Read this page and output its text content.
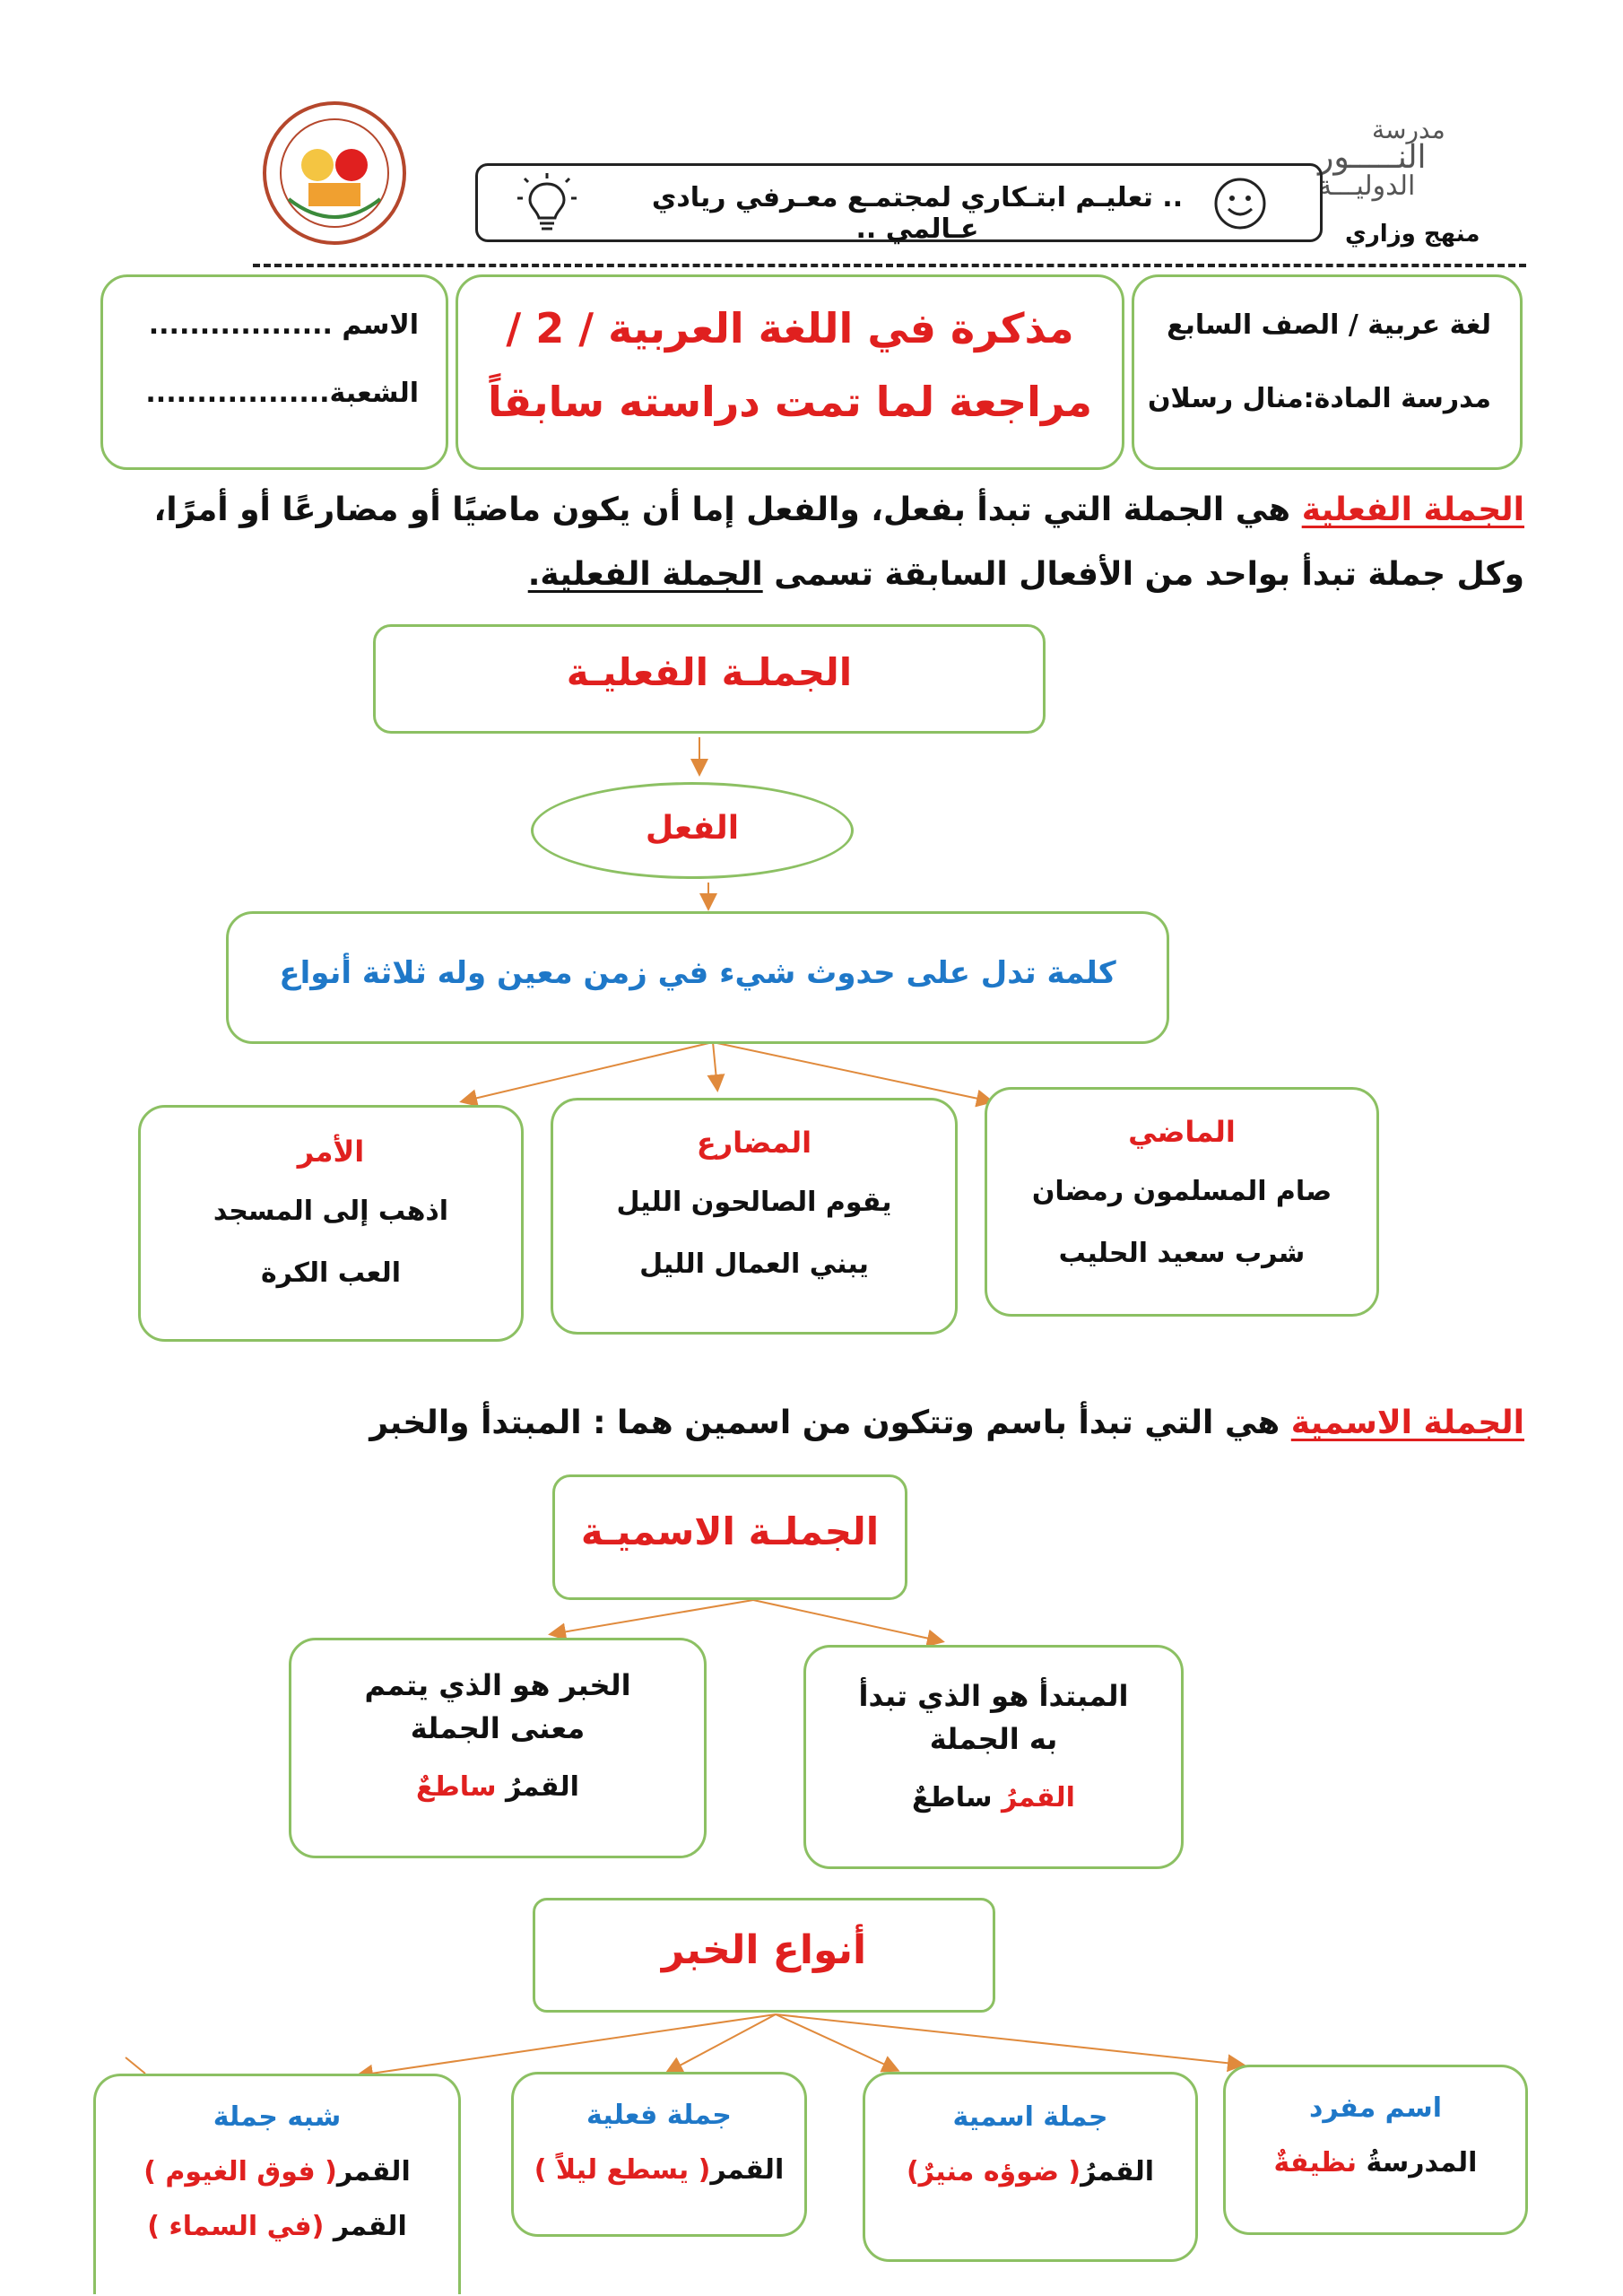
مدرسة
النـــــور
الدوليـــة
منهج وزاري
.. تعليـم ابتـكاري لمجتمـع معـرفي ريادي عـالمي ..
لغة عربية / الصف السابع
مدرسة المادة:منال رسلان
مذكرة في اللغة العربية / 2 /
مراجعة لما تمت دراسته سابقاً
الاسم ..................
الشعبة..................
الجملة الفعلية هي الجملة التي تبدأ بفعل، والفعل إما أن يكون ماضيًا أو مضارعًا أو أمرًا،
وكل جملة تبدأ بواحد من الأفعال السابقة تسمى الجملة الفعلية.
الجملـة الفعليـة
الفعل
كلمة تدل على حدوث شيء في زمن معين وله ثلاثة أنواع
الماضي
صام المسلمون رمضان
شرب سعيد الحليب
المضارع
يقوم الصالحون الليل
يبني العمال الليل
الأمر
اذهب إلى المسجد
العب الكرة
الجملة الاسمية هي التي تبدأ باسم وتتكون من اسمين هما : المبتدأ والخبر
الجملـة الاسميـة
المبتدأ هو الذي تبدأ به الجملة
القمرُ ساطعٌ
الخبر هو الذي يتمم معنى الجملة
القمرُ ساطعٌ
أنواع الخبر
اسم مفرد
المدرسةُ نظيفةٌ
جملة اسمية
القمرُ( ضوؤه منيرٌ)
جملة فعلية
القمر( يسطع ليلاً )
شبه جملة
القمر( فوق الغيوم )
القمر (في السماء )
